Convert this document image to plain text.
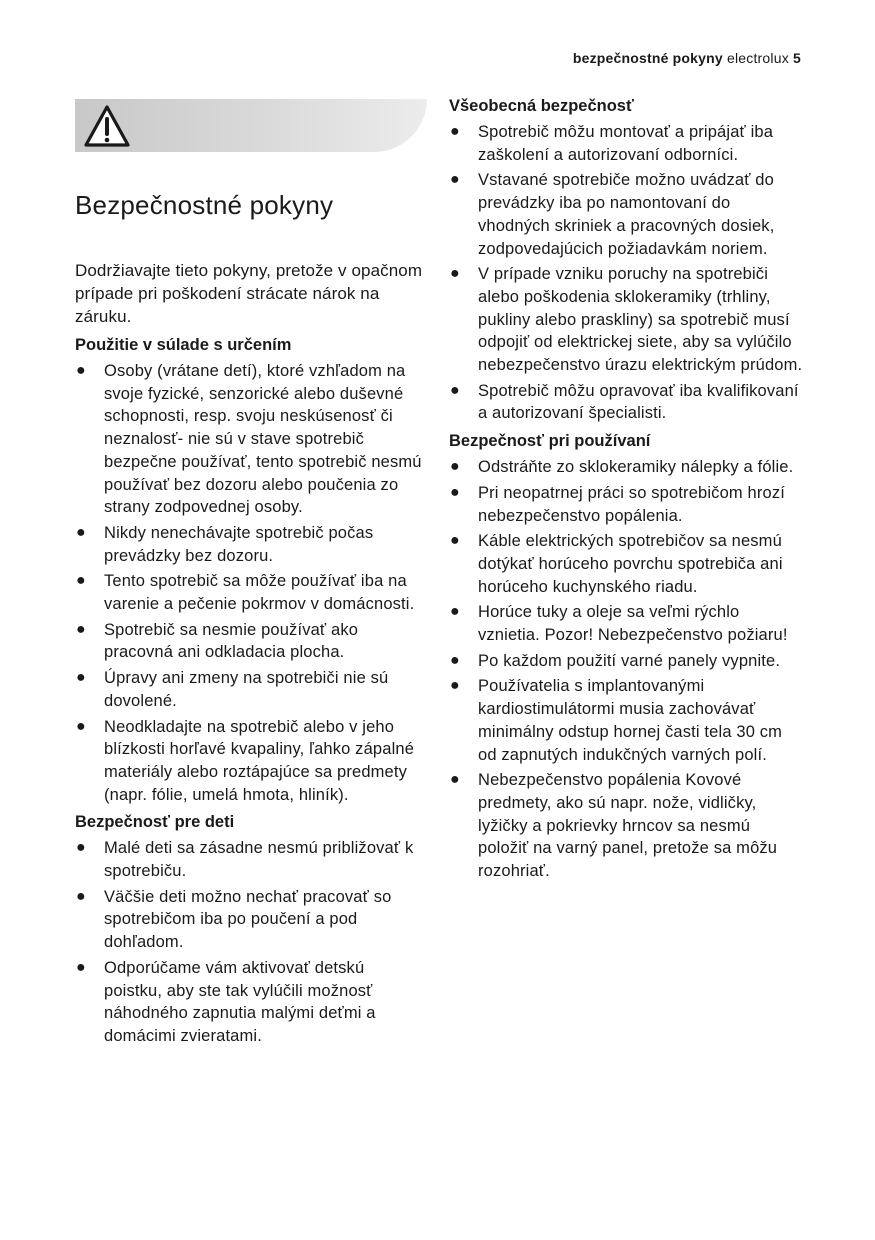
bezpečnostné pokyny electrolux 5
Bezpečnostné pokyny

Dodržiavajte tieto pokyny, pretože v opačnom prípade pri poškodení strácate nárok na záruku.

Použitie v súlade s určením
● Osoby (vrátane detí), ktoré vzhľadom na svoje fyzické, senzorické alebo duševné schopnosti, resp. svoju neskúsenosť či neznalosť- nie sú v stave spotrebič bezpečne používať, tento spotrebič nesmú používať bez dozoru alebo poučenia zo strany zodpovednej osoby.
● Nikdy nenechávajte spotrebič počas prevádzky bez dozoru.
● Tento spotrebič sa môže používať iba na varenie a pečenie pokrmov v domácnosti.
● Spotrebič sa nesmie používať ako pracovná ani odkladacia plocha.
● Úpravy ani zmeny na spotrebiči nie sú dovolené.
● Neodkladajte na spotrebič alebo v jeho blízkosti horľavé kvapaliny, ľahko zápalné materiály alebo roztápajúce sa predmety (napr. fólie, umelá hmota, hliník).
Bezpečnosť pre deti
● Malé deti sa zásadne nesmú približovať k spotrebiču.
● Väčšie deti možno nechať pracovať so spotrebičom iba po poučení a pod dohľadom.
● Odporúčame vám aktivovať detskú poistku, aby ste tak vylúčili možnosť náhodného zapnutia malými deťmi a domácimi zvieratami.
Všeobecná bezpečnosť
● Spotrebič môžu montovať a pripájať iba zaškolení a autorizovaní odborníci.
● Vstavané spotrebiče možno uvádzať do prevádzky iba po namontovaní do vhodných skriniek a pracovných dosiek, zodpovedajúcich požiadavkám noriem.
● V prípade vzniku poruchy na spotrebiči alebo poškodenia sklokeramiky (trhliny, pukliny alebo praskliny) sa spotrebič musí odpojiť od elektrickej siete, aby sa vylúčilo nebezpečenstvo úrazu elektrickým prúdom.
● Spotrebič môžu opravovať iba kvalifikovaní a autorizovaní špecialisti.
Bezpečnosť pri používaní
● Odstráňte zo sklokeramiky nálepky a fólie.
● Pri neopatrnej práci so spotrebičom hrozí nebezpečenstvo popálenia.
● Káble elektrických spotrebičov sa nesmú dotýkať horúceho povrchu spotrebiča ani horúceho kuchynského riadu.
● Horúce tuky a oleje sa veľmi rýchlo vznietia. Pozor! Nebezpečenstvo požiaru!
● Po každom použití varné panely vypnite.
● Používatelia s implantovanými kardiostimulátormi musia zachovávať minimálny odstup hornej časti tela 30 cm od zapnutých indukčných varných polí.
● Nebezpečenstvo popálenia Kovové predmety, ako sú napr. nože, vidličky, lyžičky a pokrievky hrncov sa nesmú položiť na varný panel, pretože sa môžu rozohriať.
